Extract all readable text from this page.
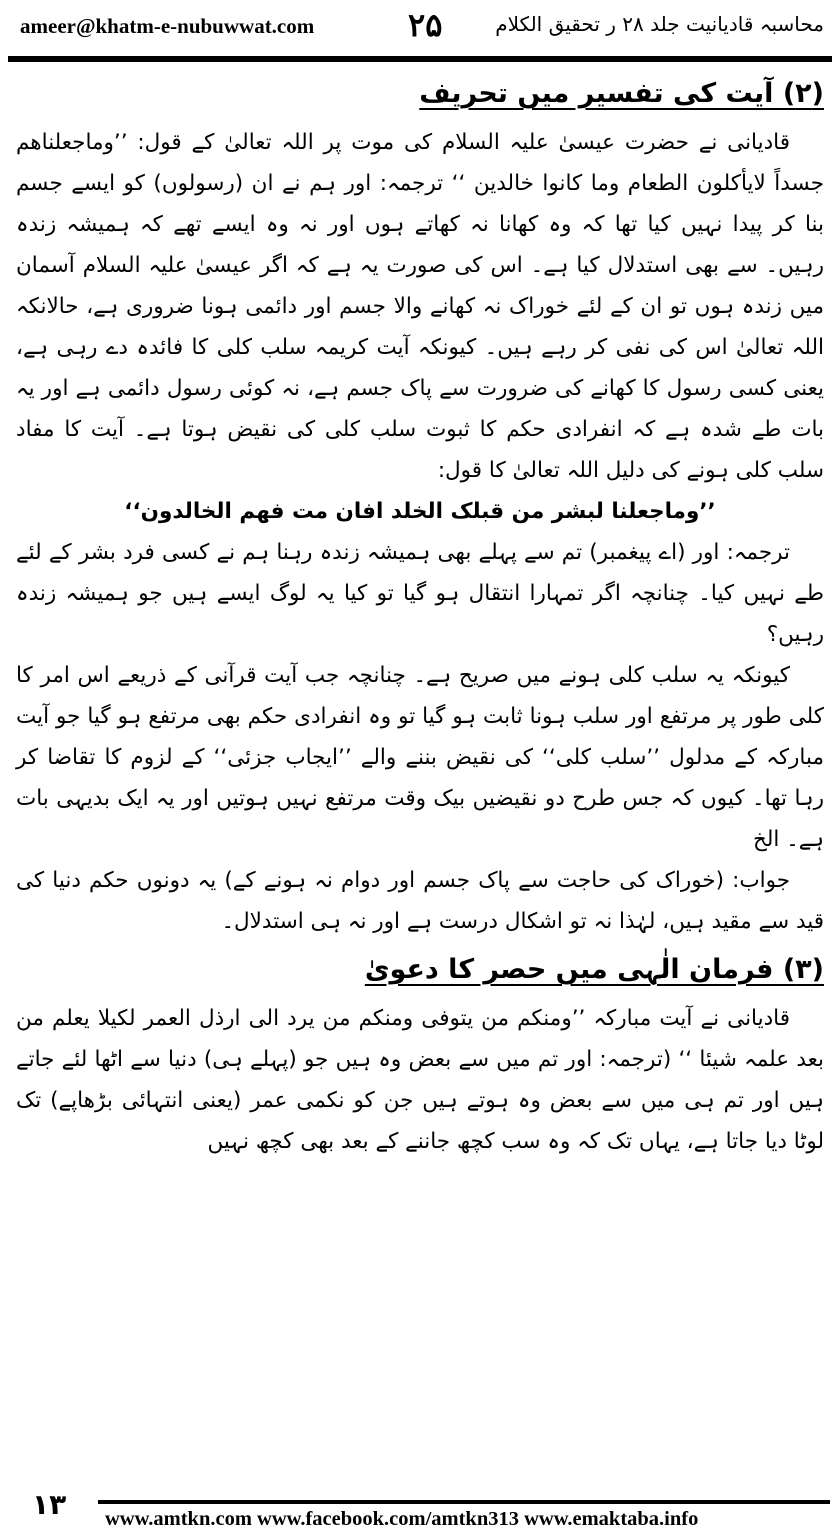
ameer@khatm-e-nubuwwat.com	۲۵	محاسبہ قادیانیت جلد ۲۸ ر تحقیق الکلام

(۲) آیت کی تفسیر میں تحریف

قادیانی نے حضرت عیسیٰ علیہ السلام کی موت پر اللہ تعالیٰ کے قول: ’’وماجعلناھم جسداً لایأکلون الطعام وما کانوا خالدین ‘‘ ترجمہ: اور ہم نے ان (رسولوں) کو ایسے جسم بنا کر پیدا نہیں کیا تھا کہ وہ کھانا نہ کھاتے ہوں اور نہ وہ ایسے تھے کہ ہمیشہ زندہ رہیں۔ سے بھی استدلال کیا ہے۔ اس کی صورت یہ ہے کہ اگر عیسیٰ علیہ السلام آسمان میں زندہ ہوں تو ان کے لئے خوراک نہ کھانے والا جسم اور دائمی ہونا ضروری ہے، حالانکہ اللہ تعالیٰ اس کی نفی کر رہے ہیں۔ کیونکہ آیت کریمہ سلب کلی کا فائدہ دے رہی ہے، یعنی کسی رسول کا کھانے کی ضرورت سے پاک جسم ہے، نہ کوئی رسول دائمی ہے اور یہ بات طے شدہ ہے کہ انفرادی حکم کا ثبوت سلب کلی کی نقیض ہوتا ہے۔ آیت کا مفاد سلب کلی ہونے کی دلیل اللہ تعالیٰ کا قول:

’’وماجعلنا لبشر من قبلک الخلد افان مت فھم الخالدون‘‘

ترجمہ: اور (اے پیغمبر) تم سے پہلے بھی ہمیشہ زندہ رہنا ہم نے کسی فرد بشر کے لئے طے نہیں کیا۔ چنانچہ اگر تمہارا انتقال ہو گیا تو کیا یہ لوگ ایسے ہیں جو ہمیشہ زندہ رہیں؟

کیونکہ یہ سلب کلی ہونے میں صریح ہے۔ چنانچہ جب آیت قرآنی کے ذریعے اس امر کا کلی طور پر مرتفع اور سلب ہونا ثابت ہو گیا تو وہ انفرادی حکم بھی مرتفع ہو گیا جو آیت مبارکہ کے مدلول ’’سلب کلی‘‘ کی نقیض بننے والے ’’ایجاب جزئی‘‘ کے لزوم کا تقاضا کر رہا تھا۔ کیوں کہ جس طرح دو نقیضیں بیک وقت مرتفع نہیں ہوتیں اور یہ ایک بدیہی بات ہے۔ الخ

جواب: (خوراک کی حاجت سے پاک جسم اور دوام نہ ہونے کے) یہ دونوں حکم دنیا کی قید سے مقید ہیں، لہٰذا نہ تو اشکال درست ہے اور نہ ہی استدلال۔

(۳) فرمان الٰہی میں حصر کا دعویٰ

قادیانی نے آیت مبارکہ ’’ومنکم من یتوفی ومنکم من یرد الی ارذل العمر لکیلا یعلم من بعد علمہ شیئا ‘‘ (ترجمہ: اور تم میں سے بعض وہ ہیں جو (پہلے ہی) دنیا سے اٹھا لئے جاتے ہیں اور تم ہی میں سے بعض وہ ہوتے ہیں جن کو نکمی عمر (یعنی انتہائی بڑھاپے) تک لوٹا دیا جاتا ہے، یہاں تک کہ وہ سب کچھ جاننے کے بعد بھی کچھ نہیں

۱۳ www.amtkn.com www.facebook.com/amtkn313 www.emaktaba.info
